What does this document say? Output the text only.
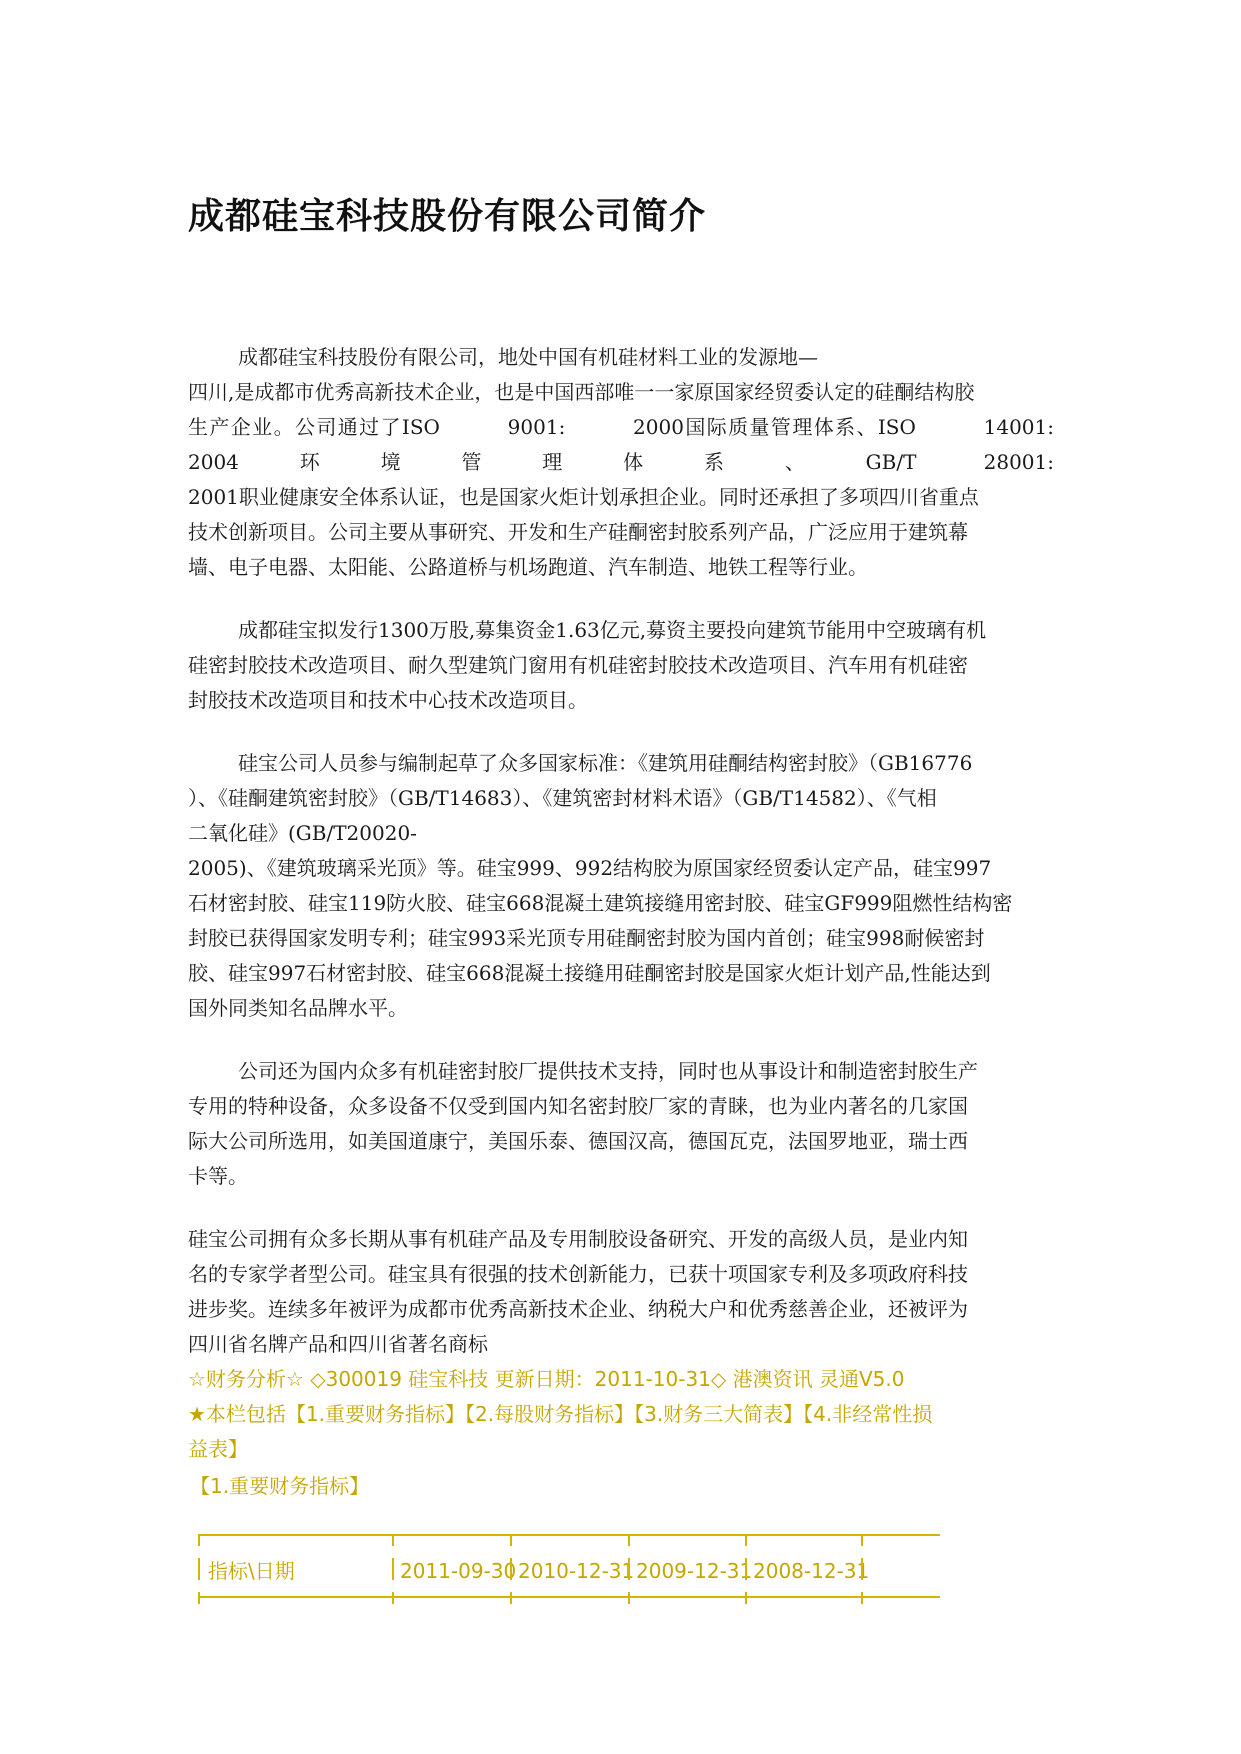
成都硅宝科技股份有限公司简介

成都硅宝科技股份有限公司，地处中国有机硅材料工业的发源地—
四川,是成都市优秀高新技术企业，也是中国西部唯一一家原国家经贸委认定的硅酮结构胶
生产企业。公司通过了ISO 9001: 2000国际质量管理体系、ISO 14001:
2004环境管理体系、GB/T 28001:
2001职业健康安全体系认证，也是国家火炬计划承担企业。同时还承担了多项四川省重点
技术创新项目。公司主要从事研究、开发和生产硅酮密封胶系列产品，广泛应用于建筑幕
墙、电子电器、太阳能、公路道桥与机场跑道、汽车制造、地铁工程等行业。

成都硅宝拟发行1300万股,募集资金1.63亿元,募资主要投向建筑节能用中空玻璃有机
硅密封胶技术改造项目、耐久型建筑门窗用有机硅密封胶技术改造项目、汽车用有机硅密
封胶技术改造项目和技术中心技术改造项目。

硅宝公司人员参与编制起草了众多国家标准：《建筑用硅酮结构密封胶》（GB16776
）、《硅酮建筑密封胶》（GB/T14683）、《建筑密封材料术语》（GB/T14582）、《气相
二氧化硅》(GB/T20020-
2005)、《建筑玻璃采光顶》等。硅宝999、992结构胶为原国家经贸委认定产品，硅宝997
石材密封胶、硅宝119防火胶、硅宝668混凝土建筑接缝用密封胶、硅宝GF999阻燃性结构密
封胶已获得国家发明专利；硅宝993采光顶专用硅酮密封胶为国内首创；硅宝998耐候密封
胶、硅宝997石材密封胶、硅宝668混凝土接缝用硅酮密封胶是国家火炬计划产品,性能达到
国外同类知名品牌水平。

公司还为国内众多有机硅密封胶厂提供技术支持，同时也从事设计和制造密封胶生产
专用的特种设备，众多设备不仅受到国内知名密封胶厂家的青睐，也为业内著名的几家国
际大公司所选用，如美国道康宁，美国乐泰、德国汉高，德国瓦克，法国罗地亚，瑞士西
卡等。

硅宝公司拥有众多长期从事有机硅产品及专用制胶设备研究、开发的高级人员，是业内知
名的专家学者型公司。硅宝具有很强的技术创新能力，已获十项国家专利及多项政府科技
进步奖。连续多年被评为成都市优秀高新技术企业、纳税大户和优秀慈善企业，还被评为
四川省名牌产品和四川省著名商标

☆财务分析☆ ◇300019 硅宝科技 更新日期：2011-10-31◇ 港澳资讯 灵通V5.0

★本栏包括【1.重要财务指标】【2.每股财务指标】【3.财务三大简表】【4.非经常性损

益表】

【1.重要财务指标】

指标\日期	2011-09-30 2010-12-31 2009-12-31 2008-12-31
